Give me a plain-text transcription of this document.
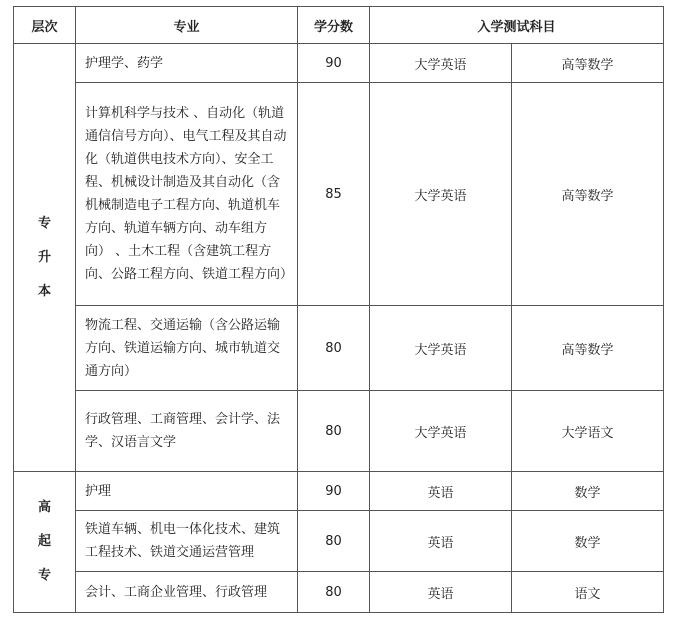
层次	专业	学分数	入学测试科目	

专
升
本	护理学、药学	90	大学英语	高等数学
	计算机科学与技术 、自动化（轨道通信信号方向）、电气工程及其自动化（轨道供电技术方向）、安全工程、机械设计制造及其自动化（含机械制造电子工程方向、轨道机车方向、轨道车辆方向、动车组方向） 、土木工程（含建筑工程方向、公路工程方向、铁道工程方向）	85	大学英语	高等数学
	物流工程、交通运输（含公路运输方向、铁道运输方向、城市轨道交通方向）	80	大学英语	高等数学
	行政管理、工商管理、会计学、法学、汉语言文学	80	大学英语	大学语文

高
起
专	护理	90	英语	数学
	铁道车辆、机电一体化技术、建筑工程技术、铁道交通运营管理	80	英语	数学
	会计、工商企业管理、行政管理	80	英语	语文
